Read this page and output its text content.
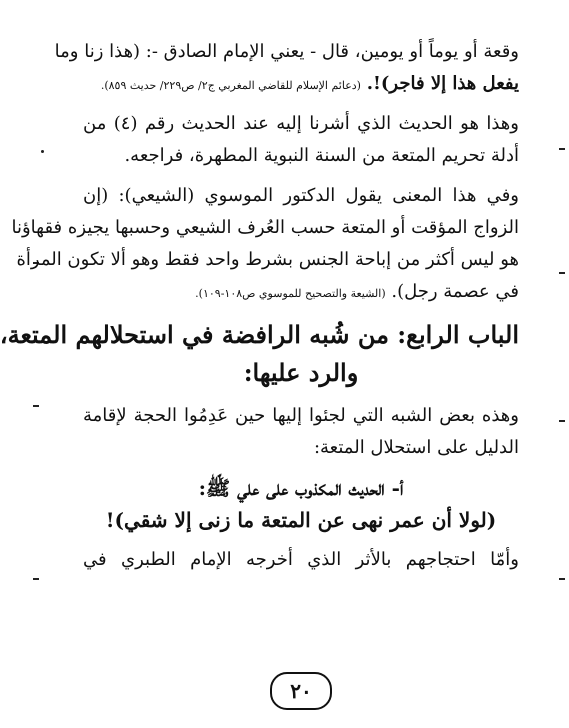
وقعة أو يوماً أو يومين، قال - يعني الإمام الصادق -: (هذا زنا وما
يفعل هذا إلا فاجر)!. (دعائم الإسلام للقاضي المغربي ج٢/ ص٢٢٩/ حديث ٨٥٩).
وهذا هو الحديث الذي أشرنا إليه عند الحديث رقم (٤) من
أدلة تحريم المتعة من السنة النبوية المطهرة، فراجعه.
وفي هذا المعنى يقول الدكتور الموسوي (الشيعي): (إن
الزواج المؤقت أو المتعة حسب العُرف الشيعي وحسبها يجيزه فقهاؤنا
هو ليس أكثر من إباحة الجنس بشرط واحد فقط وهو ألا تكون المرأة
في عصمة رجل). (الشيعة والتصحيح للموسوي ص١٠٨-١٠٩).
الباب الرابع: من شُبه الرافضة في استحلالهم المتعة،
والرد عليها:
وهذه بعض الشبه التي لجئوا إليها حين عَدِمُوا الحجة لإقامة
الدليل على استحلال المتعة:
أ- الحديث المكذوب على علي ﷺ:
(لولا أن عمر نهى عن المتعة ما زنى إلا شقي)!
وأمّا احتجاجهم بالأثر الذي أخرجه الإمام الطبري في
٢٠
